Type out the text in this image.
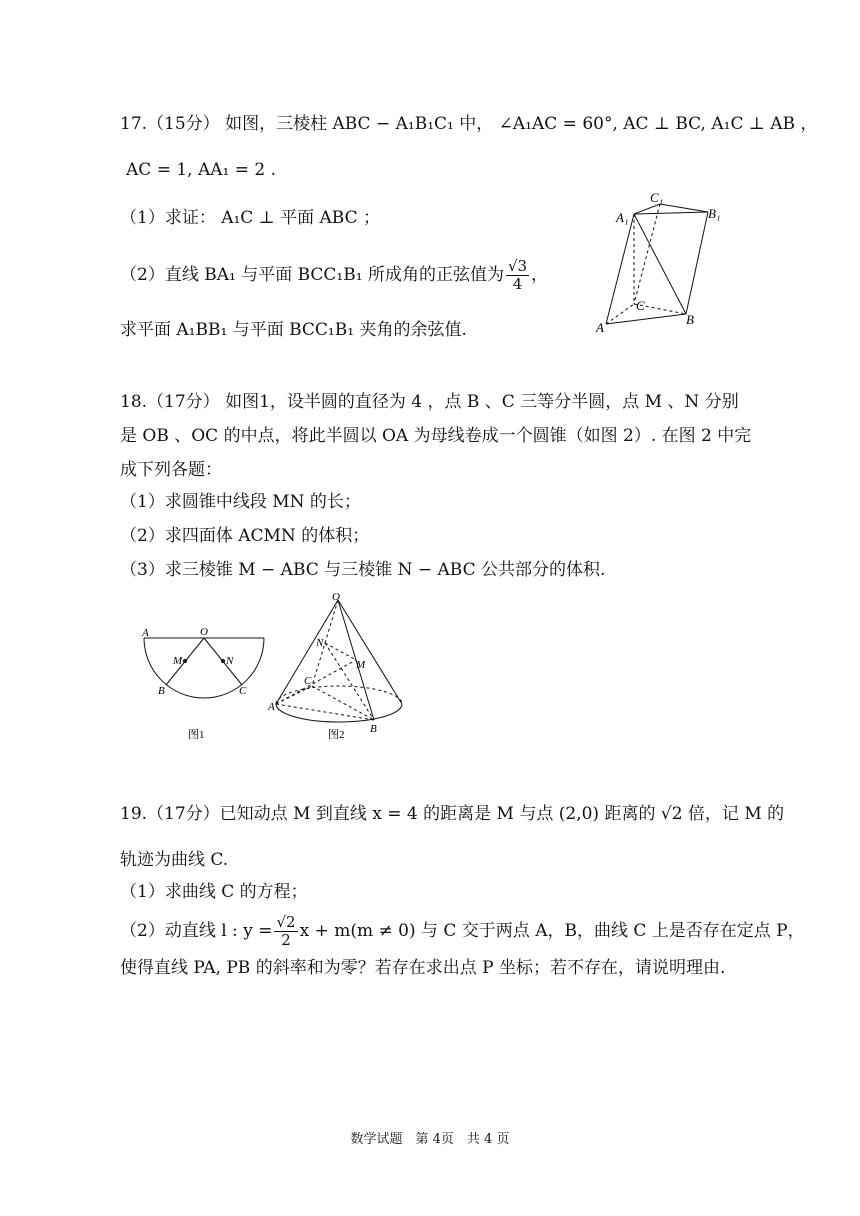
17.（15分） 如图，三棱柱 ABC − A₁B₁C₁ 中， ∠A₁AC = 60°, AC ⊥ BC, A₁C ⊥ AB ，
AC = 1, AA₁ = 2 .
（1）求证： A₁C ⊥ 平面 ABC ；
（2）直线 BA₁ 与平面 BCC₁B₁ 所成角的正弦值为 $\frac{√3}{4}$ ，
求平面 A₁BB₁ 与平面 BCC₁B₁ 夹角的余弦值.
C₁
A₁	B₁
C
A
B
18.（17分） 如图1，设半圆的直径为 4 ，点 B 、C 三等分半圆，点 M 、N 分别
是 OB 、OC 的中点，将此半圆以 OA 为母线卷成一个圆锥（如图 2）. 在图 2 中完
成下列各题：
（1）求圆锥中线段 MN 的长；
（2）求四面体 ACMN 的体积；
（3）求三棱锥 M − ABC 与三棱锥 N − ABC 公共部分的体积.
A	O
M	N
B	C
图1
O
N
M
C
A
B
图2
19.（17分）已知动点 M 到直线 x = 4 的距离是 M 与点 (2,0) 距离的 √2 倍，记 M 的
轨迹为曲线 C.
（1）求曲线 C 的方程；
（2）动直线 l : $y = \frac{√2}{2}$ x + m(m ≠ 0) 与 C 交于两点 A，B，曲线 C 上是否存在定点 P，
使得直线 PA, PB 的斜率和为零？若存在求出点 P 坐标；若不存在，请说明理由.
数学试题　第 4页　共 4 页
